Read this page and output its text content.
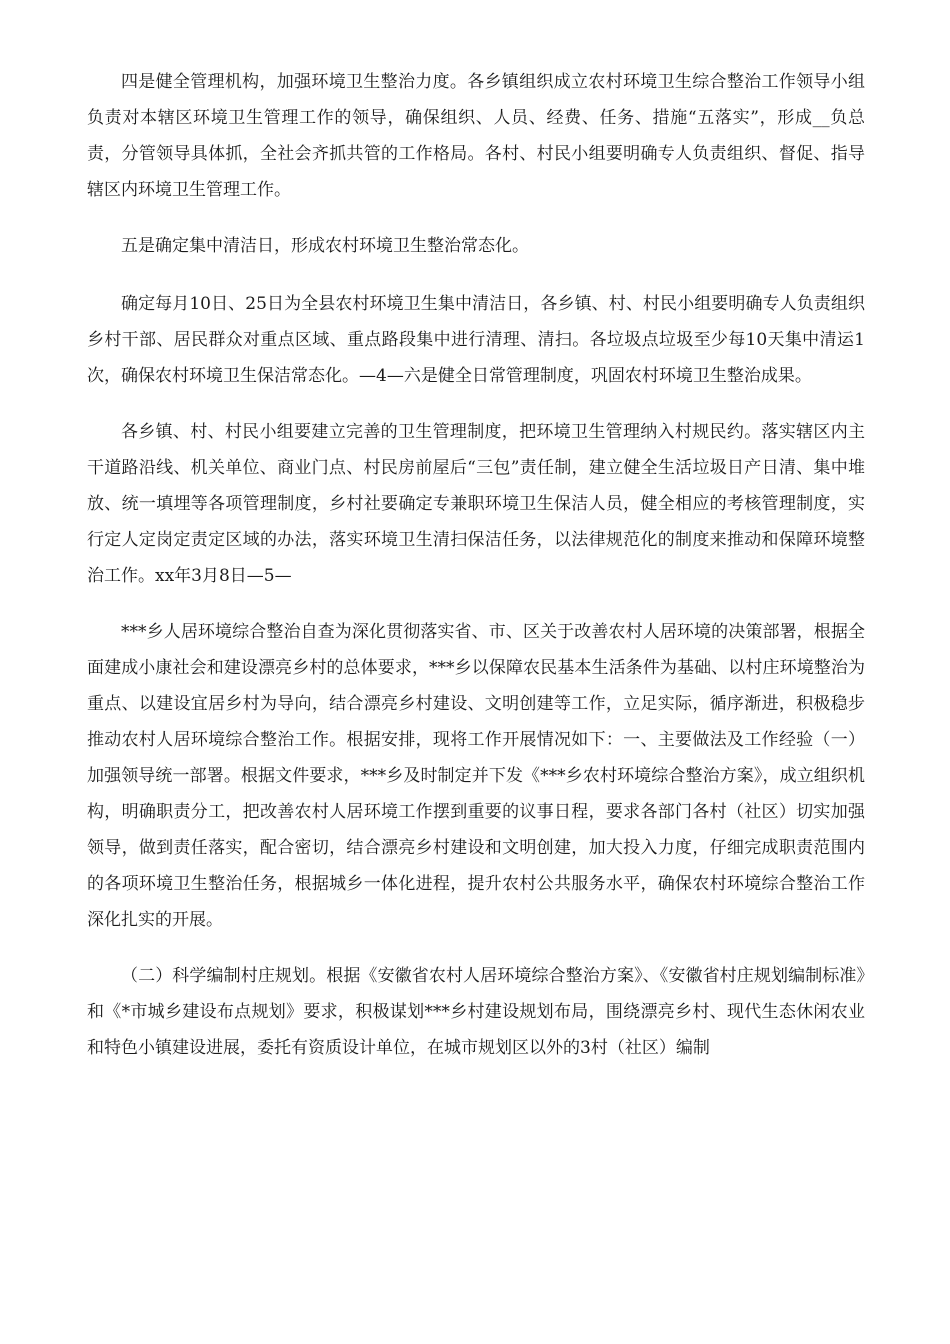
四是健全管理机构，加强环境卫生整治力度。各乡镇组织成立农村环境卫生综合整治工作领导小组负责对本辖区环境卫生管理工作的领导，确保组织、人员、经费、任务、措施“五落实”，形成__负总责，分管领导具体抓，全社会齐抓共管的工作格局。各村、村民小组要明确专人负责组织、督促、指导辖区内环境卫生管理工作。

五是确定集中清洁日，形成农村环境卫生整治常态化。

确定每月10日、25日为全县农村环境卫生集中清洁日，各乡镇、村、村民小组要明确专人负责组织乡村干部、居民群众对重点区域、重点路段集中进行清理、清扫。各垃圾点垃圾至少每10天集中清运1次，确保农村环境卫生保洁常态化。—4—六是健全日常管理制度，巩固农村环境卫生整治成果。

各乡镇、村、村民小组要建立完善的卫生管理制度，把环境卫生管理纳入村规民约。落实辖区内主干道路沿线、机关单位、商业门点、村民房前屋后“三包”责任制，建立健全生活垃圾日产日清、集中堆放、统一填埋等各项管理制度，乡村社要确定专兼职环境卫生保洁人员，健全相应的考核管理制度，实行定人定岗定责定区域的办法，落实环境卫生清扫保洁任务，以法律规范化的制度来推动和保障环境整治工作。xx年3月8日—5—

***乡人居环境综合整治自查为深化贯彻落实省、市、区关于改善农村人居环境的决策部署，根据全面建成小康社会和建设漂亮乡村的总体要求，***乡以保障农民基本生活条件为基础、以村庄环境整治为重点、以建设宜居乡村为导向，结合漂亮乡村建设、文明创建等工作，立足实际，循序渐进，积极稳步推动农村人居环境综合整治工作。根据安排，现将工作开展情况如下：一、主要做法及工作经验（一）加强领导统一部署。根据文件要求，***乡及时制定并下发《***乡农村环境综合整治方案》，成立组织机构，明确职责分工，把改善农村人居环境工作摆到重要的议事日程，要求各部门各村（社区）切实加强领导，做到责任落实，配合密切，结合漂亮乡村建设和文明创建，加大投入力度，仔细完成职责范围内的各项环境卫生整治任务，根据城乡一体化进程，提升农村公共服务水平，确保农村环境综合整治工作深化扎实的开展。

（二）科学编制村庄规划。根据《安徽省农村人居环境综合整治方案》、《安徽省村庄规划编制标准》和《*市城乡建设布点规划》要求，积极谋划***乡村建设规划布局，围绕漂亮乡村、现代生态休闲农业和特色小镇建设进展，委托有资质设计单位，在城市规划区以外的3村（社区）编制
